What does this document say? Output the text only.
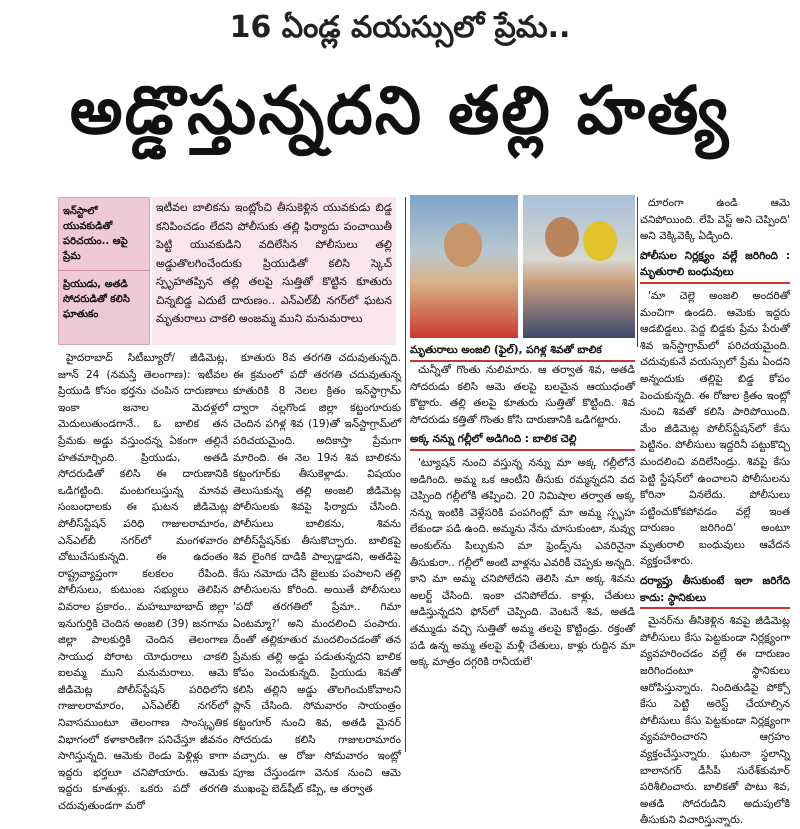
16 ఏండ్ల వయస్సులో ప్రేమ..
అడ్డొస్తున్నదని తల్లి హత్య
ఇన్‌స్టాలో యువకుడితో పరిచయం.. ఆపై ప్రేమ
ప్రియుడు, అతడి సోదరుడితో కలిసి ఘాతుకం
ఇటీవల బాలికను ఇంట్లోంచి తీసుకెళ్లిన యువకుడు బిడ్డ కనిపించడం లేదని పోలీసుకు తల్లి ఫిర్యాదు పంచాయితీ పెట్టి యువకుడిని వదిలేసిన పోలీసులు తల్లి అడ్డుతొలగించేందుకు ప్రియుడితో కలిసి స్కెచ్ స్పృహతప్పిన తల్లి తలపై సుత్తితో కొట్టిన కూతురు చిన్నబిడ్డ ఎదుటే దారుణం.. ఎన్‌ఎల్‌బీ నగర్‌లో ఘటన మృతురాలు చాకలి అంజమ్మ ముని మనుమరాలు
మృతురాలు అంజలి (ఫైల్), పగిళ్ల శివతో బాలిక

హైదరాబాద్ సిటీబ్యూరో/ జీడిమెట్ల, జూన్ 24 (నమస్తే తెలంగాణ): ఇటీవల ప్రియుడి కోసం భర్తను చంపిన దారుణాలు ఇంకా జనాల మెదళ్లలో మెదులుతుండగానే.. ఓ బాలిక తన ప్రేమకు అడ్డు వస్తుందన్న ఏకంగా తల్లినే హతమార్చింది. ప్రియుడు, అతడి సోదరుడితో కలిసి ఈ దారుణానికి ఒడిగట్టింది. మంటగలుస్తున్న మానవ సంబంధాలకు ఈ ఘటన జీడిమెట్ల పోలీస్‌స్టేషన్ పరిధి గాజులరామారం, ఎన్‌ఎల్‌బీ నగర్‌లో మంగళవారం చోటుచేసుకున్నది. ఈ ఉదంతం రాష్ట్రవ్యాప్తంగా కలకలం రేపింది. పోలీసులు, కుటుంబ సభ్యులు తెలిపిన వివరాల ప్రకారం.. మహబూబాబాద్ జిల్లా ఇనుగుర్తికి చెందిన అంజలి (39) జనగామ జిల్లా పాలకుర్తికి చెందిన తెలంగాణ సాయుధ పోరాట యోధురాలు చాకలి ఐలమ్మ ముని మనుమరాలు. ఆమె జీడిమెట్ల పోలీస్‌స్టేషన్ పరిధిలోని గాజులరామారం, ఎన్‌ఎల్‌బీ నగర్‌లో నివాసముంటూ తెలంగాణ సాంస్కృతిక విభాగంలో కళాకారిణిగా పనిచేస్తూ జీవనం సాగిస్తున్నది. ఆమెకు రెండు పెళ్లిళ్లు కాగా ఇద్దరు భర్తలూ చనిపోయారు. ఆమెకు ఇద్దరు కూతుళ్లు. ఒకరు పదో తరగతి చదువుతుండగా మరో

కూతురు 8వ తరగతి చదువుతున్నది. ఈ క్రమంలో పదో తరగతి చదువుతున్న కూతురికి 8 నెలల క్రితం ఇన్‌స్టాగ్రామ్ ద్వారా నల్లగొండ జిల్లా కట్టంగూరుకు చెందిన పగిళ్ల శివ (19)తో ఇన్‌స్టాగ్రామ్‌లో పరిచయమైంది. అదికాస్తా ప్రేమగా మారింది. ఈ నెల 19న శివ బాలికను కట్టంగూర్‌కు తీసుకెళ్లాడు. విషయం తెలుసుకున్న తల్లి అంజలి జీడిమెట్ల పోలీసులకు శివపై ఫిర్యాదు చేసింది. పోలీసులు బాలికను, శివను పోలీస్‌స్టేషన్‌కు తీసుకొచ్చారు. బాలికపై శివ లైంగిక దాడికి పాల్పడ్డాడని, అతడిపై కేసు నమోదు చేసి జైలుకు పంపాలని తల్లి పోలీసులను కోరింది. అయితే పోలీసులు 'పదో తరగతిలో ప్రేమా.. గిమా ఏంటమ్మా?' అని మందలించి పంపారు. దీంతో తల్లికూతుర మందలించడంతో తన ప్రేమకు తల్లి అడ్డు పడుతున్నదని బాలిక కోపం పెంచుకున్నది. ప్రియుడు శివతో కలిసి తల్లిని అడ్డు తొలగించుకోవాలని ప్లాన్ చేసింది. సోమవారం సాయంత్రం కట్టంగూర్ నుంచి శివ, అతడి మైనర్ సోదరుడు కలిసి గాజులరామారం వచ్చారు. ఆ రోజు సోమవారం ఇంట్లో పూజ చేస్తుండగా వెనుక నుంచి ఆమె ముఖంపై బెడ్‌షీట్ కప్పి, ఆ తర్వాత

చున్నీతో గొంతు నులిమారు. ఆ తర్వాత శివ, అతడి సోదరుడు కలిసి ఆమె తలపై బలమైన ఆయుధంతో కొట్టారు. తల్లి తలపై కూతురు సుత్తితో కొట్టింది. శివ సోదరుడు కత్తితో గొంతు కోసి దారుణానికి ఒడిగట్టారు.

అక్క నన్ను గల్లీలో అడిగింది : బాలిక చెల్లి

'ట్యూషన్ నుంచి వస్తున్న నన్ను మా అక్క గల్లీలోనే అడిగింది. అమ్మ ఒక ఆంటీని తీసుకు రమ్మన్నదని వద చెప్పింది గల్లీలోకి తప్పించి. 20 నిమిషాల తర్వాత అక్క నన్ను ఇంటికి వెళ్లేసరికి పంపగింట్లో మా అమ్మ స్పృహ లేకుండా పడి ఉంది. అమ్మను నేను చూసుకుంటా, నువ్వు అంకుల్‌ను పిల్చుకుని మా ఫ్రెండ్స్‌ను ఎవరినైనా తీసుకురా.. గల్లీలో అంటి వాళ్లను ఎవరికీ చెప్పకు అన్నది. కాని మా అమ్మ చనిపోలేదని తెలిసి మా అక్క శివను అలర్ట్ చేసింది. ఇంకా చనిపోలేదు. కాళ్లు, చేతులు ఆడిస్తున్నదని ఫోన్‌లో చెప్పింది. వెంటనే శివ, అతడి తమ్ముడు వచ్చి సుత్తితో అమ్మ తలపై కొట్టిండ్రు. రక్తంతో పడి ఉన్న అమ్మ తలపై మళ్లీ చేతులు, కాళ్లు రుద్దిన మా అక్క మాత్రం దగ్గరికి రానీయలే'

దూరంగా ఉండి ఆమె చనిపోయింది. లేపి వెస్ట్ అని చెప్పింది' అని వెక్కివెక్కి ఏడ్చింది.

పోలీసుల నిర్లక్ష్యం వల్లే జరిగింది : మృతురాలి బంధువులు

'మా చెల్లె అంజలి అందరితో మంచిగా ఉండది. ఆమెకు ఇద్దరు ఆడబిడ్డలు. పెద్ద బిడ్డకు ప్రేమ పేరుతో శివ ఇన్‌స్టాగ్రామ్‌లో పరిచయమైంది. చదువుకునే వయస్సులో ప్రేమ ఏందని అన్నందుకు తల్లిపై బిడ్డ కోపం పెంచుకున్నది. ఈ రోజుల క్రితం ఇంట్లో నుంచి శివతో కలిసి పారిపోయింది. మేం జీడిమెట్ల పోలీస్‌స్టేషన్‌లో కేసు పెట్టినం. పోలీసులు ఇద్దరినీ పట్టుకొచ్చి మందలించి వదిలేసిండ్రు. శివపై కేసు పెట్టి స్టేషన్‌లో ఉంచాలని పోలీసులను కోరినా వినలేదు. పోలీసులు పట్టించుకోకపోవడం వల్లే ఇంత దారుణం జరిగింది' అంటూ మృతురాలి బంధువులు ఆవేదన వ్యక్తంచేశారు.

దర్యాప్తు తీసుకుంటే ఇలా జరిగేది కాదు: స్థానికులు

మైనర్‌ను తీసికెళ్లిన శివపై జీడిమెట్ల పోలీసులు కేసు పెట్టకుండా నిర్లక్ష్యంగా వ్యవహరించడం వల్లే ఈ దారుణం జరిగిందంటూ స్థానికులు ఆరోపిస్తున్నారు. నిందితుడిపై పోక్సో కేసు పెట్టి అరెస్ట్ చేయాల్సిన పోలీసులు కేసు పెట్టకుండా నిర్లక్ష్యంగా వ్యవహరించారని ఆగ్రహం వ్యక్తంచేస్తున్నారు. ఘటనా స్థలాన్ని బాలానగర్ డీసీపీ సురేశ్‌కుమార్ పరిశీలించారు. బాలికతో పాటు శివ, అతడి సోదరుడిని అదుపులోకి తీసుకుని విచారిస్తున్నారు.
